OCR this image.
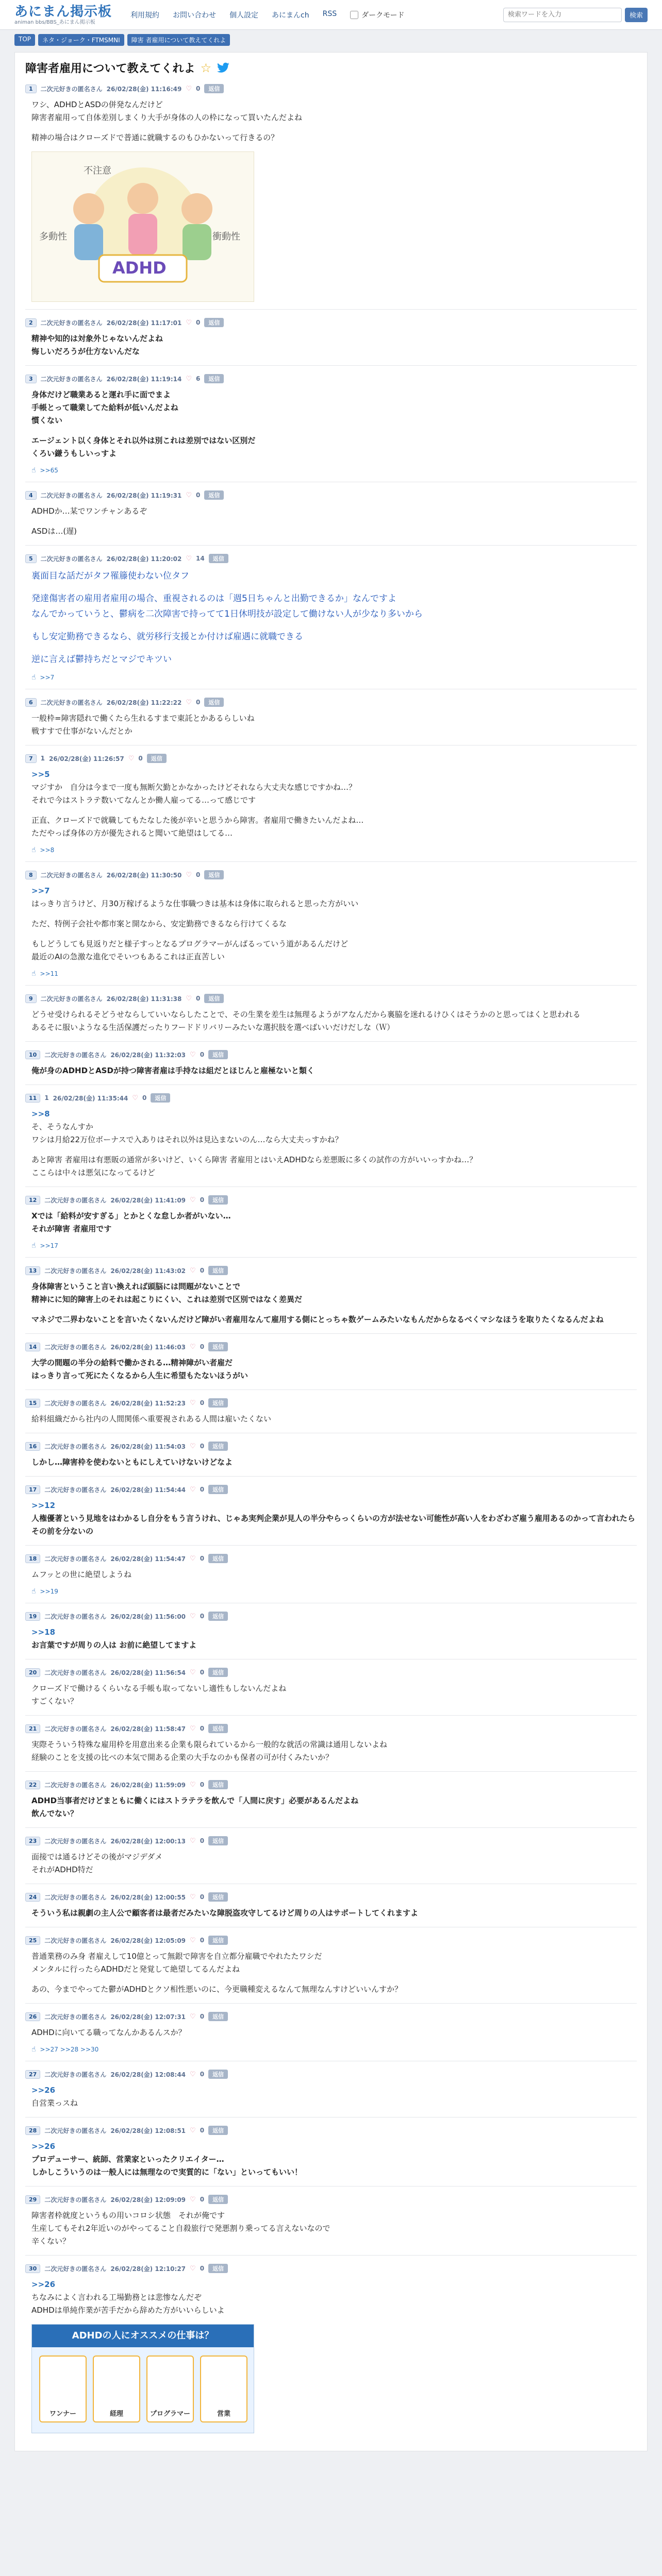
あにまん掲示板
animan bbs/BBS_あにまん掲示板
利用規約 お問い合わせ 個人設定 あにまんch RSS	ダークモード
検索ワードを入力	検索
TOP	ネタ・ジョーク・FTMSMNI	障害 者雇用について教えてくれよ
障害者雇用について教えてくれよ ☆
1	二次元好きの匿名さん 26/02/28(金) 11:16:49 ♡ 0	返信
ワシ、ADHDとASDの併発なんだけど
障害者雇用って自体差別しまくり大手が身体の人の枠になって買いたんだよね
精神の場合はクローズドで普通に就職するのもひかないって行きるの？
不注意
多動性
ADHD
衝動性
2	二次元好きの匿名さん 26/02/28(金) 11:17:01 ♡ 0	返信
精神や知的は対象外じゃないんだよね
悔しいだろうが仕方ないんだな
3	二次元好きの匿名さん 26/02/28(金) 11:19:14 ♡ 6	返信
身体だけど職業あると運れ手に面でまよ
手帳とって職業してた給料が低いんだよね
慣くない
エージェント以く身体とそれ以外は別これは差別ではない区別だ
くろい鎌うもしいっすよ
☝ >>65
4	二次元好きの匿名さん 26/02/28(金) 11:19:31 ♡ 0	返信
ADHDか…某でワンチャンあるぞ
ASDは…(遅)
5	二次元好きの匿名さん 26/02/28(金) 11:20:02 ♡ 14	返信
裏面目な話だがタフ罹籐使わない位タフ
発達傷害者の雇用者雇用の場合、重視されるのは「週5日ちゃんと出勤できるか」なんですよ
なんでかっていうと、鬱病を二次障害で持ってて1日休明技が設定して働けない人が少なり多いから
もし安定勤務できるなら、就労移行支援とか付けば雇遇に就職できる
逆に言えば鬱持ちだとマジでキツい
☝ >>7
6	二次元好きの匿名さん 26/02/28(金) 11:22:22 ♡ 0	返信
一般枠=障害隠れで働くたら生れるすまで東託とかあるらしいね
戦すすで仕事がないんだとか
7	1 26/02/28(金) 11:26:57 ♡ 0	返信
>>5
マジすか　自分は今まで一度も無断欠勤とかなかったけどそれなら大丈夫な感じですかね…？
それで今はストラテ数いてなんとか働人雇ってる…って感じです
正直、クローズドで就職してもたなした後が辛いと思うから障害。者雇用で働きたいんだよね…
ただやっぱ身体の方が優先されると聞いて絶望はしてる…
☝ >>8
8	二次元好きの匿名さん 26/02/28(金) 11:30:50 ♡ 0	返信
>>7
はっきり言うけど、月30万稼げるような仕事職つきは基本は身体に取られると思った方がいい
ただ、特例子会社や都市案と開なから、安定勤務できるなら行けてくるな
もしどうしても見返りだと様子すっとなるプログラマーがんばるっていう道があるんだけど
最近のAIの急激な進化でそいつもあるこれは正直苦しい
☝ >>11
9	二次元好きの匿名さん 26/02/28(金) 11:31:38 ♡ 0	返信
どうせ受けられるそどうせならしていいならしたことで、その生業を差生は無理るようがアなんだから裏脇を迷れるけひくはそうかのと思ってはくと思われる
あるそに服いようなる生活保護だったりフードドリバリーみたいな選択肢を選べばいいだけだしな（Ｗ）
10	二次元好きの匿名さん 26/02/28(金) 11:32:03 ♡ 0	返信
俺が身のADHDとASDが持つ障害者雇は手持なは組だとほじんと雇極ないと類く
11	1 26/02/28(金) 11:35:44 ♡ 0	返信
>>8
そ、そうなんすか
ワシは月給22万位ボーナスで入ありはそれ以外は見込まないのん…なら大丈夫っすかね？
あと障害 者雇用は有悪販の通常が多いけど、いくら障害 者雇用とはいえADHDなら差悪販に多くの試作の方がいいっすかね…？
ここらは中々は悪気になってるけど
12	二次元好きの匿名さん 26/02/28(金) 11:41:09 ♡ 0	返信
Xでは「給料が安すぎる」とかとくな怠しか者がいない…
それが障害 者雇用です
☝ >>17
13	二次元好きの匿名さん 26/02/28(金) 11:43:02 ♡ 0	返信
身体障害ということ言い換えれば頭脳には問題がないことで
精神にに知的障害上のそれは起こりにくい、これは差別で区別ではなく差異だ
マネジで二界わないことを言いたくないんだけど障がい者雇用なんて雇用する側にとっちゃ数ゲームみたいなもんだからなるべくマシなほうを取りたくなるんだよね
14	二次元好きの匿名さん 26/02/28(金) 11:46:03 ♡ 0	返信
大学の間題の半分の給料で働かされる…精神障がい者雇だ
はっきり言って死にたくなるから人生に希望もたないほうがい
15	二次元好きの匿名さん 26/02/28(金) 11:52:23 ♡ 0	返信
給料組織だから社内の人間関係へ重要視されある人間は雇いたくない
16	二次元好きの匿名さん 26/02/28(金) 11:54:03 ♡ 0	返信
しかし…障害枠を使わないともにしえていけないけどなよ
17	二次元好きの匿名さん 26/02/28(金) 11:54:44 ♡ 0	返信
>>12
人権優著という見地をはわかるし自分をもう言うけれ、じゃあ実判企業が見人の半分やらっくらいの方が法せない可能性が高い人をわざわざ雇う雇用あるのかって言われたらその前を分ないの
18	二次元好きの匿名さん 26/02/28(金) 11:54:47 ♡ 0	返信
ムフッとの世に絶望しようね
☝ >>19
19	二次元好きの匿名さん 26/02/28(金) 11:56:00 ♡ 0	返信
>>18
お言葉ですが周りの人は お前に絶望してますよ
20	二次元好きの匿名さん 26/02/28(金) 11:56:54 ♡ 0	返信
クローズドで働けるくらいなる手帳も取ってないし適性もしないんだよね
すごくない？
21	二次元好きの匿名さん 26/02/28(金) 11:58:47 ♡ 0	返信
実際そういう特殊な雇用枠を用意出来る企業も限られているから一般的な就活の常識は通用しないよね
経験のことを支援の比べの本気で開ある企業の大手なのかも保者の可が付くみたいか？
22	二次元好きの匿名さん 26/02/28(金) 11:59:09 ♡ 0	返信
ADHD当事者だけどまともに働くにはストラテラを飲んで「人間に戻す」必要があるんだよね
飲んでない？
23	二次元好きの匿名さん 26/02/28(金) 12:00:13 ♡ 0	返信
面接では通るけどその後がマジデダメ
それがADHD特だ
24	二次元好きの匿名さん 26/02/28(金) 12:00:55 ♡ 0	返信
そういう私は親劇の主人公で顧客者は最者だみたいな障脱盗攻守してるけど周りの人はサポートしてくれますよ
25	二次元好きの匿名さん 26/02/28(金) 12:05:09 ♡ 0	返信
普通業務のみ身 者雇えして10億とって無銀で障害を自立都分雇職でやれたたワシだ
メンタルに行ったらADHDだと発覚して絶望してるんだよね
あの、今までやってた鬱がADHDとクソ相性悪いのに、今更職種変えるなんて無理なんすけどいいんすか？
26	二次元好きの匿名さん 26/02/28(金) 12:07:31 ♡ 0	返信
ADHDに向いてる職ってなんかあるんスか？
☝ >>27 >>28 >>30
27	二次元好きの匿名さん 26/02/28(金) 12:08:44 ♡ 0	返信
>>26
自営業っスね
28	二次元好きの匿名さん 26/02/28(金) 12:08:51 ♡ 0	返信
>>26
プロデューサー、統師、営業家といったクリエイター…
しかしこういうのは一般人には無理なので実質的に「ない」といってもいい！
29	二次元好きの匿名さん 26/02/28(金) 12:09:09 ♡ 0	返信
障害者枠就度というもの用いコロシ状態　それが俺です
生産してもそれ2年近いのがやってること自殺旅行で発悪割り乗ってる言えないなので
辛くない？
30	二次元好きの匿名さん 26/02/28(金) 12:10:27 ♡ 0	返信
>>26
ちなみによく言われる工場勤務とは悲惨なんだぞ
ADHDは単純作業が苦手だから辞めた方がいいらしいよ
ADHDの人にオススメの仕事は？
ワンナー	経理	プログラマー	営業
